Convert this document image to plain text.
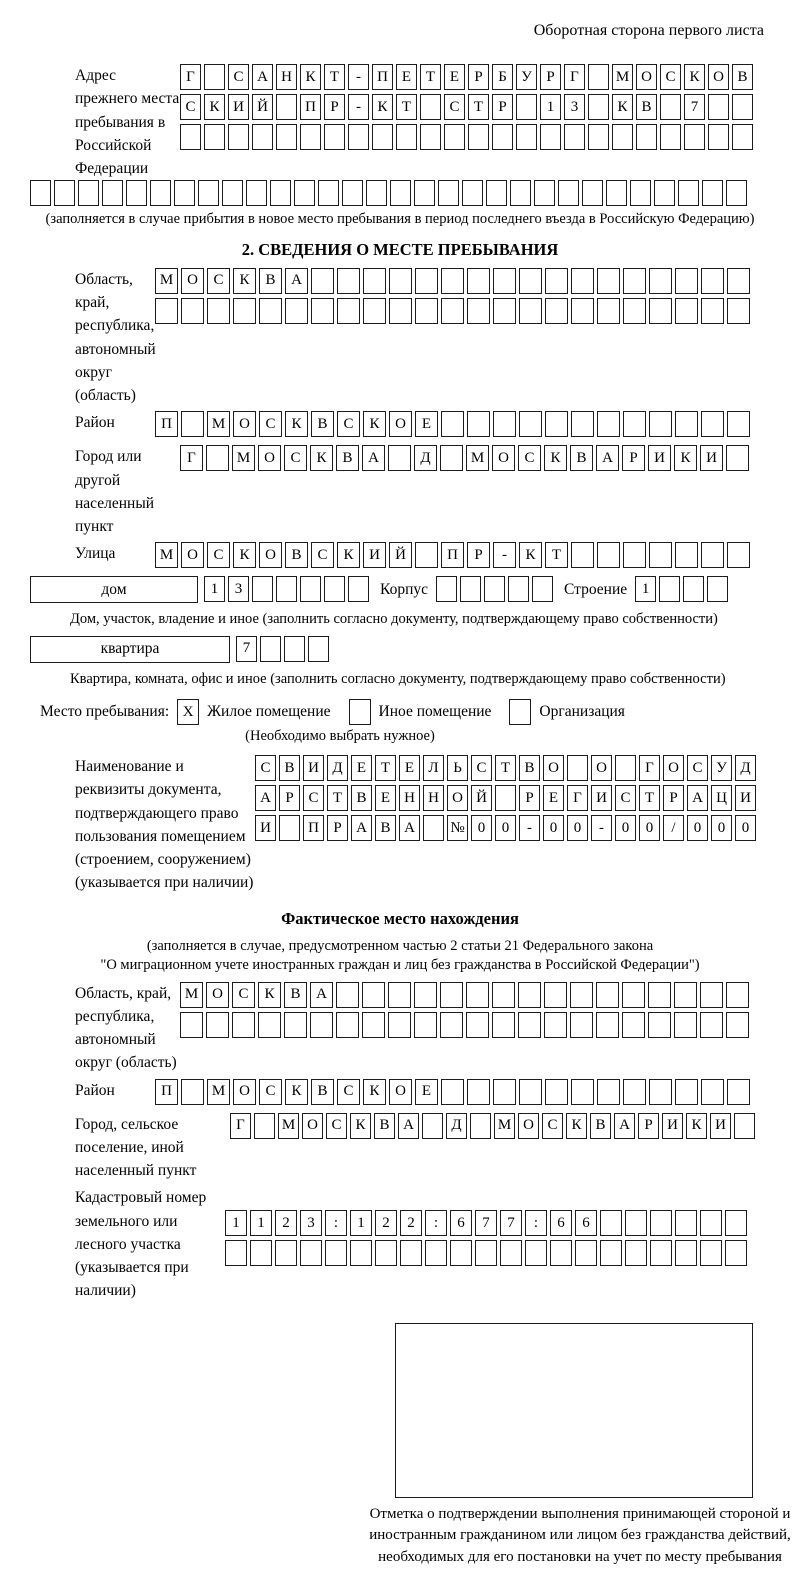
Оборотная сторона первого листа
Адрес прежнего места пребывания в Российской Федерации
Г	С А Н К Т	-	П Е Т Е	Р	Б У Р	Г	М О С К О В
С К И Й	П Р	-	К Т	С Т	Р	1	3	К В	7
(заполняется в случае прибытия в новое место пребывания в период последнего въезда в Российскую Федерацию)
2. СВЕДЕНИЯ О МЕСТЕ ПРЕБЫВАНИЯ
Область, край, республика, автономный округ (область)
М О	С	К	В	А
Район	П	М О	С	К	В	С	К	О	Е
Город или другой населенный пункт
Г	М О	С	К	В	А	Д	М О	С	К	В	А	Р	И	К	И
Улица	М О	С	К	О	В	С	К	И	Й	П	Р	-	К	Т
дом	1	3	Корпус	Строение 1
Дом, участок, владение и иное (заполнить согласно документу, подтверждающему право собственности)
квартира	7
Квартира, комната, офис и иное (заполнить согласно документу, подтверждающему право собственности)
Место пребывания: X Жилое помещение	Иное помещение	Организация
(Необходимо выбрать нужное)
Наименование и реквизиты документа, подтверждающего право пользования помещением (строением, сооружением) (указывается при наличии)
С В И Д Е Т Е Л Ь С Т В О	О	Г О С У Д
А Р С Т В Е Н Н О Й	Р	Е	Г И С Т	Р А Ц И
И	П Р А В А	№ 0	0	-	0	0	-	0	0	/	0	0	0
Фактическое место нахождения
(заполняется в случае, предусмотренном частью 2 статьи 21 Федерального закона
"О миграционном учете иностранных граждан и лиц без гражданства в Российской Федерации")
Область, край, республика, автономный округ (область)
М О	С	К	В	А
Район	П	М О	С	К	В	С	К	О	Е
Город, сельское поселение, иной населенный пункт
Г	М О С К В А	Д	М О С К В А Р И К И
Кадастровый номер земельного или лесного участка (указывается при наличии)
1	1	2	3	:	1	2	2	:	6	7	7	:	6	6
Отметка о подтверждении выполнения принимающей стороной и иностранным гражданином или лицом без гражданства действий, необходимых для его постановки на учет по месту пребывания
